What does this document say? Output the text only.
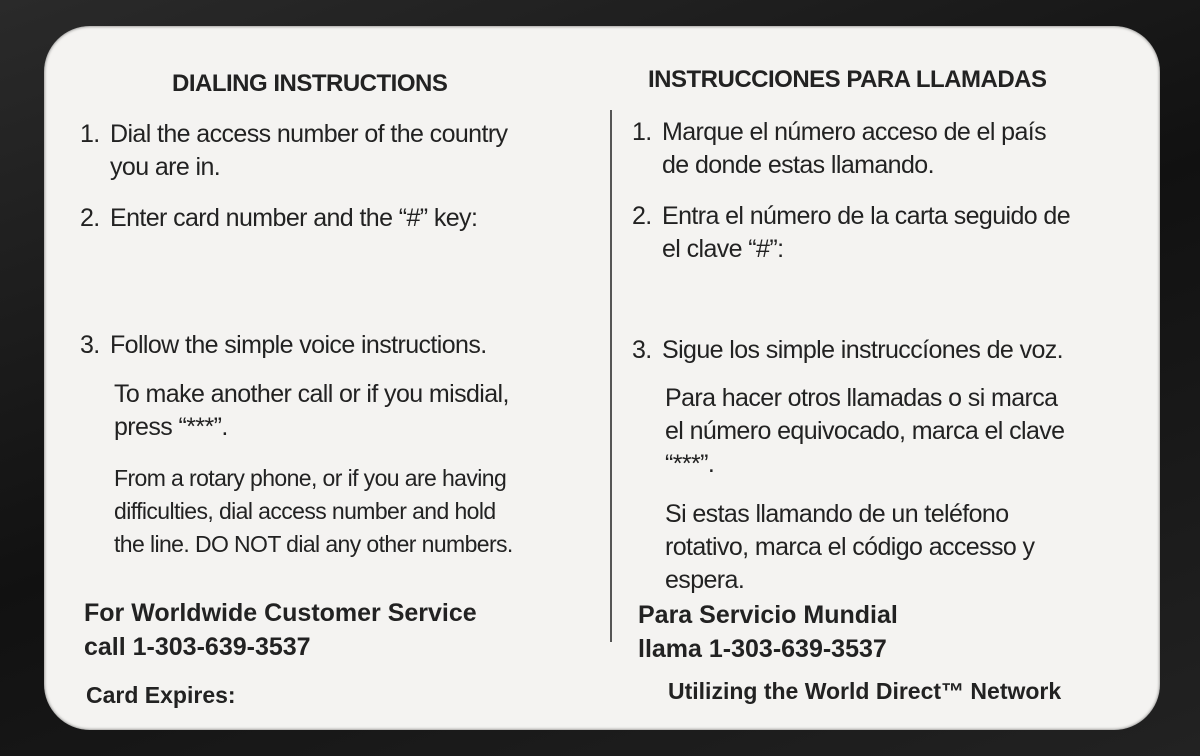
DIALING INSTRUCTIONS
1. Dial the access number of the country
you are in.
2. Enter card number and the “#” key:
3. Follow the simple voice instructions.
To make another call or if you misdial,
press “***”.
From a rotary phone, or if you are having
difficulties, dial access number and hold
the line. DO NOT dial any other numbers.
For Worldwide Customer Service
call 1-303-639-3537
Card Expires:
INSTRUCCIONES PARA LLAMADAS
1. Marque el número acceso de el país
de donde estas llamando.
2. Entra el número de la carta seguido de
el clave “#”:
3. Sigue los simple instruccíones de voz.
Para hacer otros llamadas o si marca
el número equivocado, marca el clave
“***”.
Si estas llamando de un teléfono
rotativo, marca el código accesso y
espera.
Para Servicio Mundial
llama 1-303-639-3537
Utilizing the World Direct™ Network
